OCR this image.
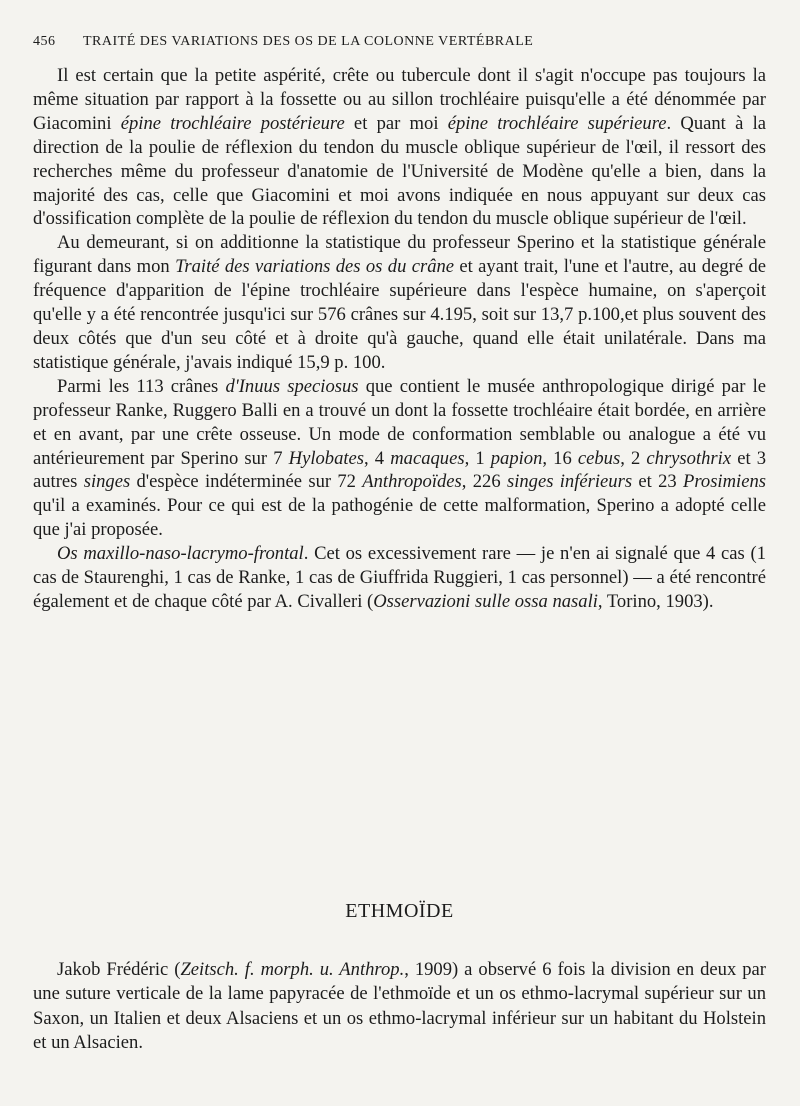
456 TRAITÉ DES VARIATIONS DES OS DE LA COLONNE VERTÉBRALE

Il est certain que la petite aspérité, crête ou tubercule dont il s'agit n'occupe pas toujours la même situation par rapport à la fossette ou au sillon trochléaire puisqu'elle a été dénommée par Giacomini épine trochléaire postérieure et par moi épine trochléaire supérieure. Quant à la direction de la poulie de réflexion du tendon du muscle oblique supérieur de l'œil, il ressort des recherches même du professeur d'anatomie de l'Université de Modène qu'elle a bien, dans la majorité des cas, celle que Giacomini et moi avons indiquée en nous appuyant sur deux cas d'ossification complète de la poulie de réflexion du tendon du muscle oblique supérieur de l'œil.

Au demeurant, si on additionne la statistique du professeur Sperino et la statistique générale figurant dans mon Traité des variations des os du crâne et ayant trait, l'une et l'autre, au degré de fréquence d'apparition de l'épine trochléaire supérieure dans l'espèce humaine, on s'aperçoit qu'elle y a été rencontrée jusqu'ici sur 576 crânes sur 4.195, soit sur 13,7 p.100,et plus souvent des deux côtés que d'un seu côté et à droite qu'à gauche, quand elle était unilatérale. Dans ma statistique générale, j'avais indiqué 15,9 p. 100.

Parmi les 113 crânes d'Inuus speciosus que contient le musée anthropologique dirigé par le professeur Ranke, Ruggero Balli en a trouvé un dont la fossette trochléaire était bordée, en arrière et en avant, par une crête osseuse. Un mode de conformation semblable ou analogue a été vu antérieurement par Sperino sur 7 Hylobates, 4 macaques, 1 papion, 16 cebus, 2 chrysothrix et 3 autres singes d'espèce indéterminée sur 72 Anthropoïdes, 226 singes inférieurs et 23 Prosimiens qu'il a examinés. Pour ce qui est de la pathogénie de cette malformation, Sperino a adopté celle que j'ai proposée.

Os maxillo-naso-lacrymo-frontal. Cet os excessivement rare — je n'en ai signalé que 4 cas (1 cas de Staurenghi, 1 cas de Ranke, 1 cas de Giuffrida Ruggieri, 1 cas personnel) — a été rencontré également et de chaque côté par A. Civalleri (Osservazioni sulle ossa nasali, Torino, 1903).

ETHMOÏDE

Jakob Frédéric (Zeitsch. f. morph. u. Anthrop., 1909) a observé 6 fois la division en deux par une suture verticale de la lame papyracée de l'ethmoïde et un os ethmo-lacrymal supérieur sur un Saxon, un Italien et deux Alsaciens et un os ethmo-lacrymal inférieur sur un habitant du Holstein et un Alsacien.
